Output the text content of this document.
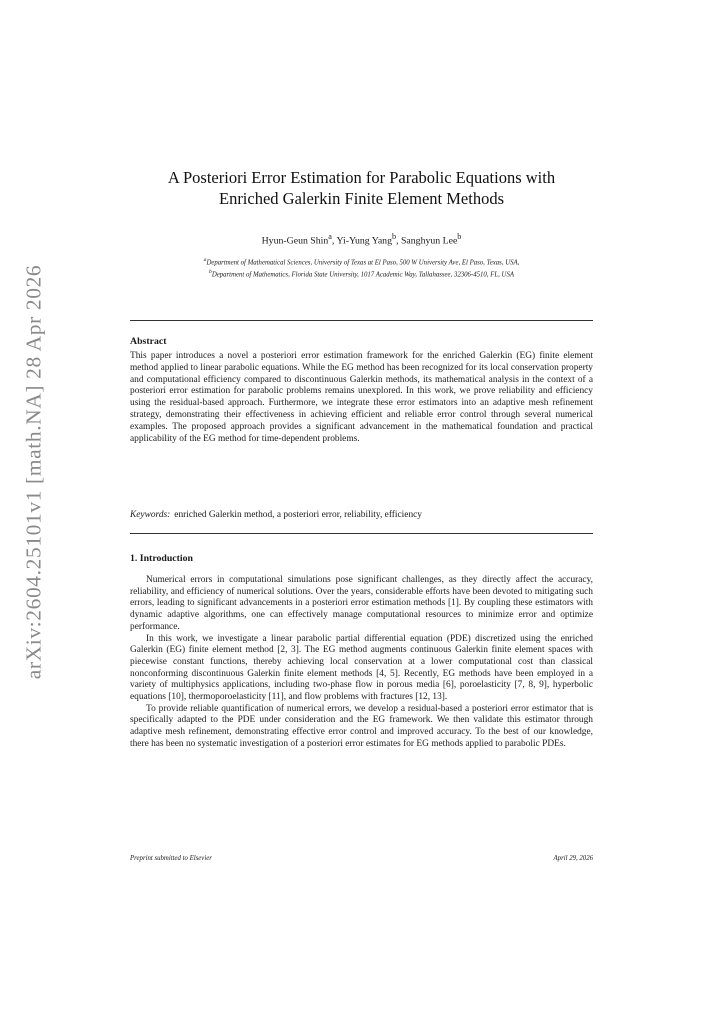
arXiv:2604.25101v1 [math.NA] 28 Apr 2026
A Posteriori Error Estimation for Parabolic Equations with
Enriched Galerkin Finite Element Methods
Hyun-Geun Shin$^a$, Yi-Yung Yang$^b$, Sanghyun Lee$^b$
$^a$Department of Mathematical Sciences, University of Texas at El Paso, 500 W University Ave, El Paso, Texas, USA,
$^b$Department of Mathematics, Florida State University, 1017 Academic Way, Tallahassee, 32306-4510, FL, USA
Abstract
This paper introduces a novel a posteriori error estimation framework for the enriched Galerkin (EG) finite element method applied to linear parabolic equations. While the EG method has been recognized for its local conservation property and computational efficiency compared to discontinuous Galerkin methods, its mathematical analysis in the context of a posteriori error estimation for parabolic problems remains unexplored. In this work, we prove reliability and efficiency using the residual-based approach. Furthermore, we integrate these error estimators into an adaptive mesh refinement strategy, demonstrating their effectiveness in achieving efficient and reliable error control through several numerical examples. The proposed approach provides a significant advancement in the mathematical foundation and practical applicability of the EG method for time-dependent problems.
Keywords: enriched Galerkin method, a posteriori error, reliability, efficiency
1. Introduction

Numerical errors in computational simulations pose significant challenges, as they directly affect the accuracy, reliability, and efficiency of numerical solutions. Over the years, considerable efforts have been devoted to mitigating such errors, leading to significant advancements in a posteriori error estimation methods [1]. By coupling these estimators with dynamic adaptive algorithms, one can effectively manage computational resources to minimize error and optimize performance.

In this work, we investigate a linear parabolic partial differential equation (PDE) discretized using the enriched Galerkin (EG) finite element method [2, 3]. The EG method augments continuous Galerkin finite element spaces with piecewise constant functions, thereby achieving local conservation at a lower computational cost than classical nonconforming discontinuous Galerkin finite element methods [4, 5]. Recently, EG methods have been employed in a variety of multiphysics applications, including two-phase flow in porous media [6], poroelasticity [7, 8, 9], hyperbolic equations [10], thermoporoelasticity [11], and flow problems with fractures [12, 13].

To provide reliable quantification of numerical errors, we develop a residual-based a posteriori error estimator that is specifically adapted to the PDE under consideration and the EG framework. We then validate this estimator through adaptive mesh refinement, demonstrating effective error control and improved accuracy. To the best of our knowledge, there has been no systematic investigation of a posteriori error estimates for EG methods applied to parabolic PDEs.

Preprint submitted to Elsevier	April 29, 2026
